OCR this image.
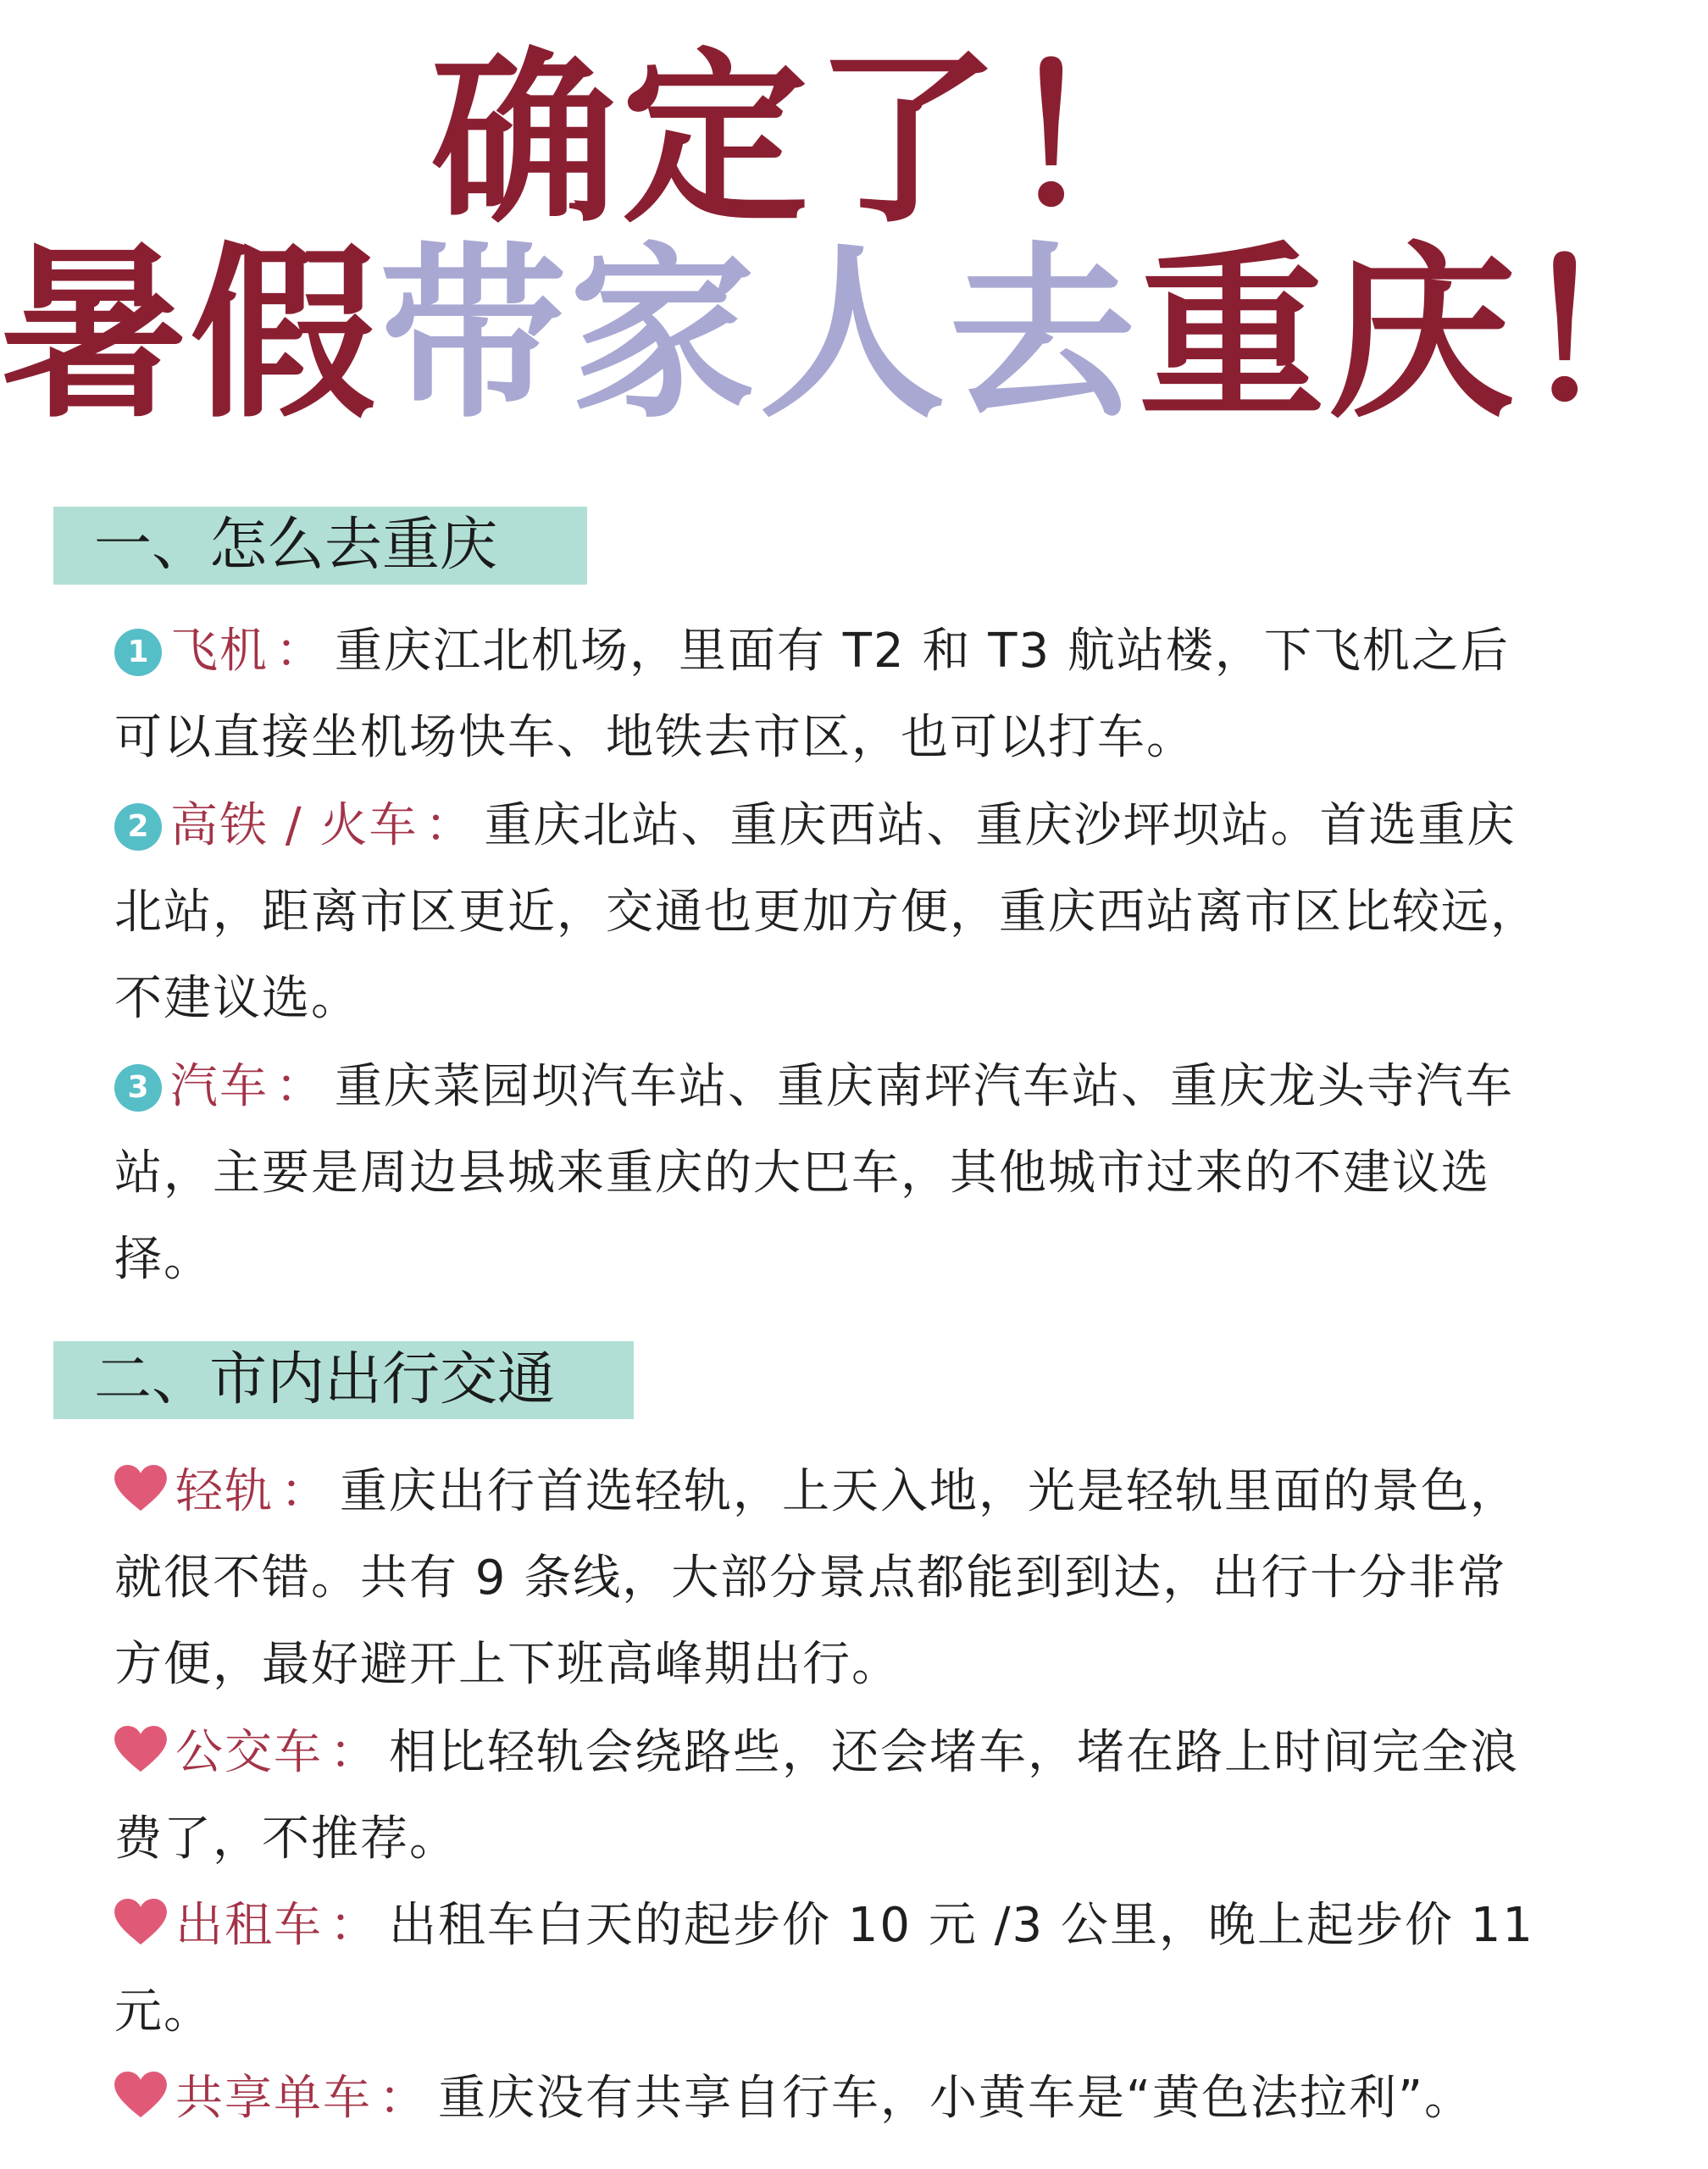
确定了！
暑假带家人去重庆！
一、怎么去重庆
1 飞机 ： 重庆江北机场，里面有 T2 和 T3 航站楼，下飞机之后可以直接坐机场快车、地铁去市区，也可以打车。
2 高铁 / 火车 ： 重庆北站、重庆西站、重庆沙坪坝站。首选重庆北站，距离市区更近，交通也更加方便，重庆西站离市区比较远，不建议选。
3 汽车 ： 重庆菜园坝汽车站、重庆南坪汽车站、重庆龙头寺汽车站，主要是周边县城来重庆的大巴车，其他城市过来的不建议选择。
二、市内出行交通
轻轨 ： 重庆出行首选轻轨，上天入地，光是轻轨里面的景色，就很不错。共有 9 条线，大部分景点都能到到达，出行十分非常方便，最好避开上下班高峰期出行。
公交车 ： 相比轻轨会绕路些，还会堵车，堵在路上时间完全浪费了，不推荐。
出租车 ： 出租车白天的起步价 10 元 /3 公里，晚上起步价 11 元。
共享单车 ： 重庆没有共享自行车，小黄车是“黄色法拉利”。
